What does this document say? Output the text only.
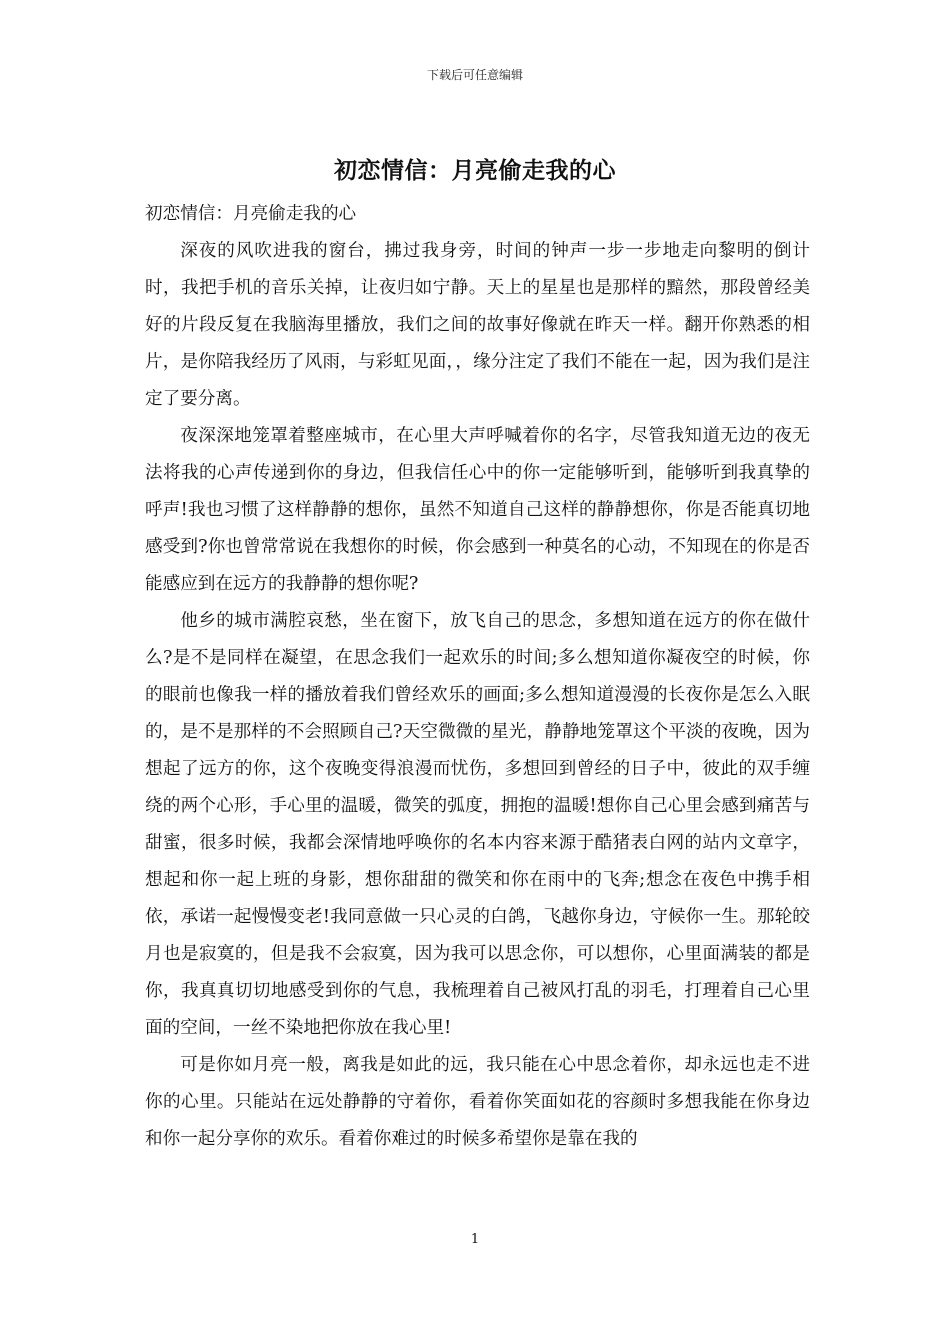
下载后可任意编辑
初恋情信：月亮偷走我的心

初恋情信：月亮偷走我的心

深夜的风吹进我的窗台，拂过我身旁，时间的钟声一步一步地走向黎明的倒计时，我把手机的音乐关掉，让夜归如宁静。天上的星星也是那样的黯然，那段曾经美好的片段反复在我脑海里播放，我们之间的故事好像就在昨天一样。翻开你熟悉的相片，是你陪我经历了风雨，与彩虹见面，，缘分注定了我们不能在一起，因为我们是注定了要分离。

夜深深地笼罩着整座城市，在心里大声呼喊着你的名字，尽管我知道无边的夜无法将我的心声传递到你的身边，但我信任心中的你一定能够听到，能够听到我真挚的呼声!我也习惯了这样静静的想你，虽然不知道自己这样的静静想你，你是否能真切地感受到?你也曾常常说在我想你的时候，你会感到一种莫名的心动，不知现在的你是否能感应到在远方的我静静的想你呢?

他乡的城市满腔哀愁，坐在窗下，放飞自己的思念，多想知道在远方的你在做什么?是不是同样在凝望，在思念我们一起欢乐的时间;多么想知道你凝夜空的时候，你的眼前也像我一样的播放着我们曾经欢乐的画面;多么想知道漫漫的长夜你是怎么入眠的，是不是那样的不会照顾自己?天空微微的星光，静静地笼罩这个平淡的夜晚，因为想起了远方的你，这个夜晚变得浪漫而忧伤，多想回到曾经的日子中，彼此的双手缠绕的两个心形，手心里的温暖，微笑的弧度，拥抱的温暖!想你自己心里会感到痛苦与甜蜜，很多时候，我都会深情地呼唤你的名本内容来源于酷猪表白网的站内文章字，想起和你一起上班的身影，想你甜甜的微笑和你在雨中的飞奔;想念在夜色中携手相依，承诺一起慢慢变老!我同意做一只心灵的白鸽，飞越你身边，守候你一生。那轮皎月也是寂寞的，但是我不会寂寞，因为我可以思念你，可以想你，心里面满装的都是你，我真真切切地感受到你的气息，我梳理着自己被风打乱的羽毛，打理着自己心里面的空间，一丝不染地把你放在我心里!

可是你如月亮一般，离我是如此的远，我只能在心中思念着你，却永远也走不进你的心里。只能站在远处静静的守着你，看着你笑面如花的容颜时多想我能在你身边和你一起分享你的欢乐。看着你难过的时候多希望你是靠在我的

1
